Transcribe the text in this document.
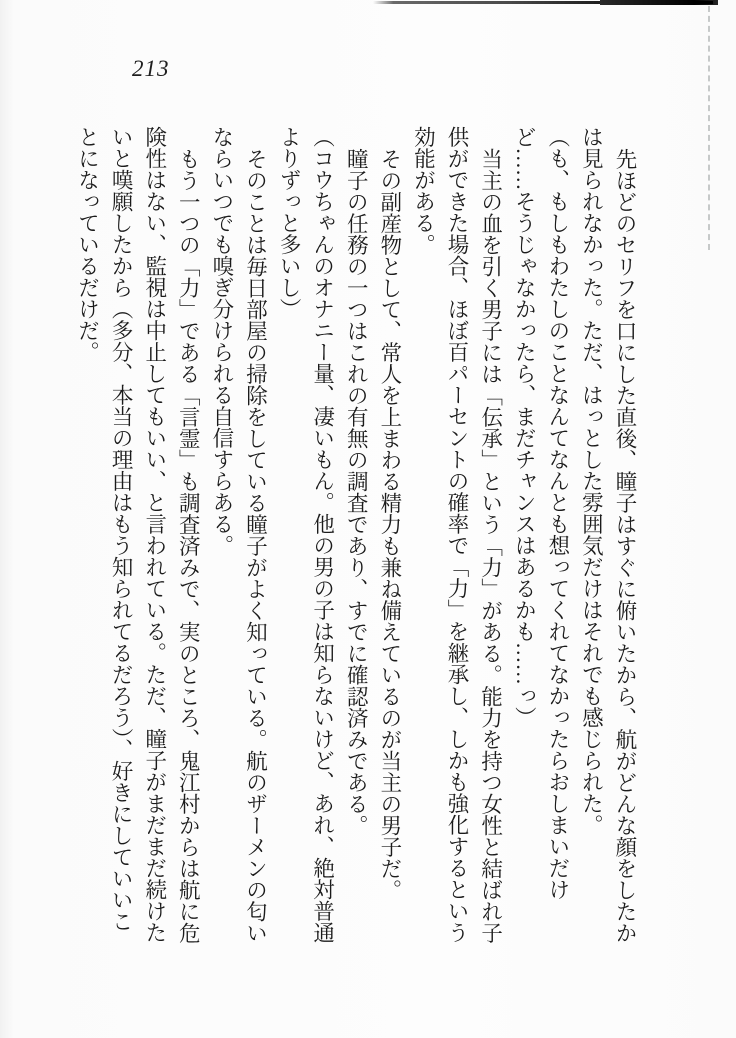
213

先ほどのセリフを口にした直後、瞳子はすぐに俯いたから、航がどんな顔をしたかは見られなかった。ただ、はっとした雰囲気だけはそれでも感じられた。

（も、もしもわたしのことなんてなんとも想ってくれてなかったらおしまいだけど……そうじゃなかったら、まだチャンスはあるかも……っ）

当主の血を引く男子には「伝承」という「力」がある。能力を持つ女性と結ばれ子供ができた場合、ほぼ百パーセントの確率で「力」を継承し、しかも強化するという効能がある。

その副産物として、常人を上まわる精力も兼ね備えているのが当主の男子だ。

瞳子の任務の一つはこれの有無の調査であり、すでに確認済みである。

（コウちゃんのオナニー量、凄いもん。他の男の子は知らないけど、あれ、絶対普通よりずっと多いし）

そのことは毎日部屋の掃除をしている瞳子がよく知っている。航のザーメンの匂いならいつでも嗅ぎ分けられる自信すらある。

もう一つの「力」である「言霊」も調査済みで、実のところ、鬼江村からは航に危険性はない、監視は中止してもいい、と言われている。ただ、瞳子がまだまだ続けたいと嘆願したから（多分、本当の理由はもう知られてるだろう）、好きにしていいことになっているだけだ。
